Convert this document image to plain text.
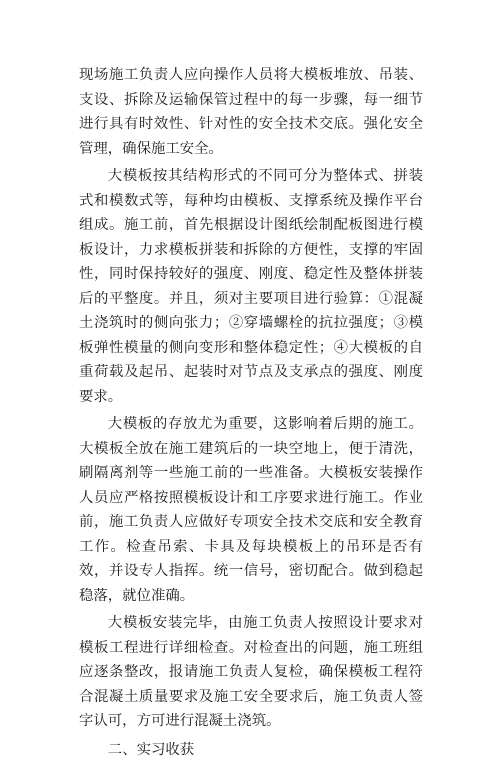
现场施工负责人应向操作人员将大模板堆放、吊装、支设、拆除及运输保管过程中的每一步骤，每一细节进行具有时效性、针对性的安全技术交底。强化安全管理，确保施工安全。

大模板按其结构形式的不同可分为整体式、拼装式和模数式等，每种均由模板、支撑系统及操作平台组成。施工前，首先根据设计图纸绘制配板图进行模板设计，力求模板拼装和拆除的方便性，支撑的牢固性，同时保持较好的强度、刚度、稳定性及整体拼装后的平整度。并且，须对主要项目进行验算：①混凝土浇筑时的侧向张力；②穿墙螺栓的抗拉强度；③模板弹性模量的侧向变形和整体稳定性；④大模板的自重荷载及起吊、起装时对节点及支承点的强度、刚度要求。

大模板的存放尤为重要，这影响着后期的施工。大模板全放在施工建筑后的一块空地上，便于清洗，刷隔离剂等一些施工前的一些准备。大模板安装操作人员应严格按照模板设计和工序要求进行施工。作业前，施工负责人应做好专项安全技术交底和安全教育工作。检查吊索、卡具及每块模板上的吊环是否有效，并设专人指挥。统一信号，密切配合。做到稳起稳落，就位准确。

大模板安装完毕，由施工负责人按照设计要求对模板工程进行详细检查。对检查出的问题，施工班组应逐条整改，报请施工负责人复检，确保模板工程符合混凝土质量要求及施工安全要求后，施工负责人签字认可，方可进行混凝土浇筑。

二、实习收获
